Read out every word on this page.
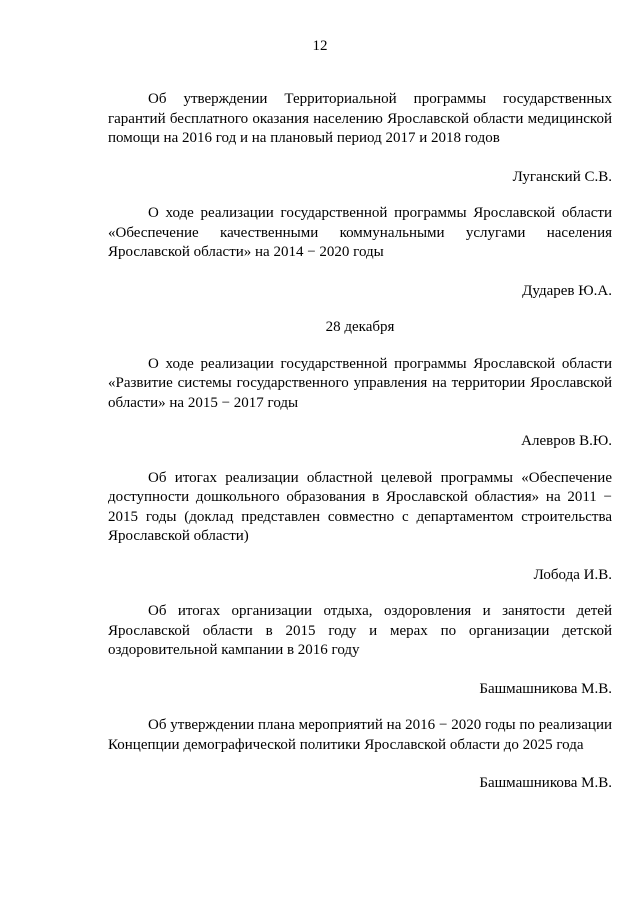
12

Об утверждении Территориальной программы государственных гарантий бесплатного оказания населению Ярославской области медицинской помощи на 2016 год и на плановый период 2017 и 2018 годов

Луганский С.В.

О ходе реализации государственной программы Ярославской области «Обеспечение качественными коммунальными услугами населения Ярославской области» на 2014 − 2020 годы

Дударев Ю.А.

28 декабря

О ходе реализации государственной программы Ярославской области «Развитие системы государственного управления на территории Ярославской области» на 2015 − 2017 годы

Алевров В.Ю.

Об итогах реализации областной целевой программы «Обеспечение доступности дошкольного образования в Ярославской областия» на 2011 − 2015 годы (доклад представлен совместно с департаментом строительства Ярославской области)

Лобода И.В.

Об итогах организации отдыха, оздоровления и занятости детей Ярославской области в 2015 году и мерах по организации детской оздоровительной кампании в 2016 году

Башмашникова М.В.

Об утверждении плана мероприятий на 2016 − 2020 годы по реализации Концепции демографической политики Ярославской области до 2025 года

Башмашникова М.В.
